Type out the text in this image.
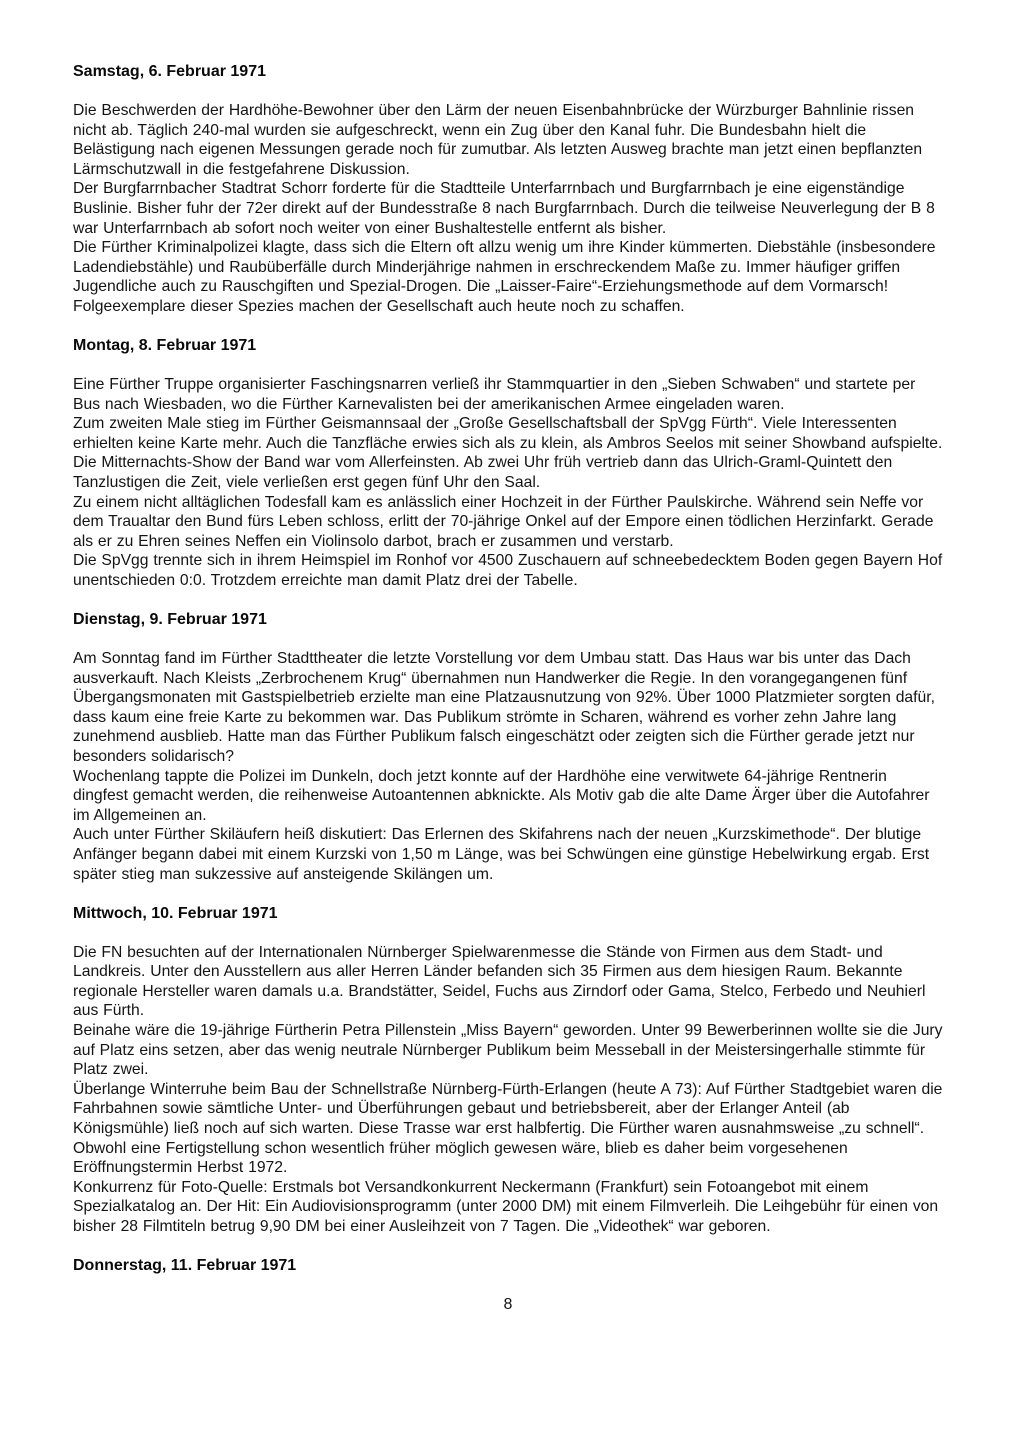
Samstag, 6. Februar 1971

Die Beschwerden der Hardhöhe-Bewohner über den Lärm der neuen Eisenbahnbrücke der Würzburger Bahnlinie rissen nicht ab. Täglich 240-mal wurden sie aufgeschreckt, wenn ein Zug über den Kanal fuhr. Die Bundesbahn hielt die Belästigung nach eigenen Messungen gerade noch für zumutbar. Als letzten Ausweg brachte man jetzt einen bepflanzten Lärmschutzwall in die festgefahrene Diskussion.

Der Burgfarrnbacher Stadtrat Schorr forderte für die Stadtteile Unterfarrnbach und Burgfarrnbach je eine eigenständige Buslinie. Bisher fuhr der 72er direkt auf der Bundesstraße 8 nach Burgfarrnbach. Durch die teilweise Neuverlegung der B 8 war Unterfarrnbach ab sofort noch weiter von einer Bushaltestelle entfernt als bisher.

Die Fürther Kriminalpolizei klagte, dass sich die Eltern oft allzu wenig um ihre Kinder kümmerten. Diebstähle (insbesondere Ladendiebstähle) und Raubüberfälle durch Minderjährige nahmen in erschreckendem Maße zu. Immer häufiger griffen Jugendliche auch zu Rauschgiften und Spezial-Drogen. Die „Laisser-Faire“-Erziehungsmethode auf dem Vormarsch! Folgeexemplare dieser Spezies machen der Gesellschaft auch heute noch zu schaffen.

Montag, 8. Februar 1971

Eine Fürther Truppe organisierter Faschingsnarren verließ ihr Stammquartier in den „Sieben Schwaben“ und startete per Bus nach Wiesbaden, wo die Fürther Karnevalisten bei der amerikanischen Armee eingeladen waren.

Zum zweiten Male stieg im Fürther Geismannsaal der „Große Gesellschaftsball der SpVgg Fürth“. Viele Interessenten erhielten keine Karte mehr. Auch die Tanzfläche erwies sich als zu klein, als Ambros Seelos mit seiner Showband aufspielte. Die Mitternachts-Show der Band war vom Allerfeinsten. Ab zwei Uhr früh vertrieb dann das Ulrich-Graml-Quintett den Tanzlustigen die Zeit, viele verließen erst gegen fünf Uhr den Saal.

Zu einem nicht alltäglichen Todesfall kam es anlässlich einer Hochzeit in der Fürther Paulskirche. Während sein Neffe vor dem Traualtar den Bund fürs Leben schloss, erlitt der 70-jährige Onkel auf der Empore einen tödlichen Herzinfarkt. Gerade als er zu Ehren seines Neffen ein Violinsolo darbot, brach er zusammen und verstarb.

Die SpVgg trennte sich in ihrem Heimspiel im Ronhof vor 4500 Zuschauern auf schneebedecktem Boden gegen Bayern Hof unentschieden 0:0. Trotzdem erreichte man damit Platz drei der Tabelle.

Dienstag, 9. Februar 1971

Am Sonntag fand im Fürther Stadttheater die letzte Vorstellung vor dem Umbau statt. Das Haus war bis unter das Dach ausverkauft. Nach Kleists „Zerbrochenem Krug“ übernahmen nun Handwerker die Regie. In den vorangegangenen fünf Übergangsmonaten mit Gastspielbetrieb erzielte man eine Platzausnutzung von 92%. Über 1000 Platzmieter sorgten dafür, dass kaum eine freie Karte zu bekommen war. Das Publikum strömte in Scharen, während es vorher zehn Jahre lang zunehmend ausblieb. Hatte man das Fürther Publikum falsch eingeschätzt oder zeigten sich die Fürther gerade jetzt nur besonders solidarisch?

Wochenlang tappte die Polizei im Dunkeln, doch jetzt konnte auf der Hardhöhe eine verwitwete 64-jährige Rentnerin dingfest gemacht werden, die reihenweise Autoantennen abknickte. Als Motiv gab die alte Dame Ärger über die Autofahrer im Allgemeinen an.

Auch unter Fürther Skiläufern heiß diskutiert: Das Erlernen des Skifahrens nach der neuen „Kurzskimethode“. Der blutige Anfänger begann dabei mit einem Kurzski von 1,50 m Länge, was bei Schwüngen eine günstige Hebelwirkung ergab. Erst später stieg man sukzessive auf ansteigende Skilängen um.

Mittwoch, 10. Februar 1971

Die FN besuchten auf der Internationalen Nürnberger Spielwarenmesse die Stände von Firmen aus dem Stadt- und Landkreis. Unter den Ausstellern aus aller Herren Länder befanden sich 35 Firmen aus dem hiesigen Raum. Bekannte regionale Hersteller waren damals u.a. Brandstätter, Seidel, Fuchs aus Zirndorf oder Gama, Stelco, Ferbedo und Neuhierl aus Fürth.

Beinahe wäre die 19-jährige Fürtherin Petra Pillenstein „Miss Bayern“ geworden. Unter 99 Bewerberinnen wollte sie die Jury auf Platz eins setzen, aber das wenig neutrale Nürnberger Publikum beim Messeball in der Meistersingerhalle stimmte für Platz zwei.

Überlange Winterruhe beim Bau der Schnellstraße Nürnberg-Fürth-Erlangen (heute A 73): Auf Fürther Stadtgebiet waren die Fahrbahnen sowie sämtliche Unter- und Überführungen gebaut und betriebsbereit, aber der Erlanger Anteil (ab Königsmühle) ließ noch auf sich warten. Diese Trasse war erst halbfertig. Die Fürther waren ausnahmsweise „zu schnell“. Obwohl eine Fertigstellung schon wesentlich früher möglich gewesen wäre, blieb es daher beim vorgesehenen Eröffnungstermin Herbst 1972.

Konkurrenz für Foto-Quelle: Erstmals bot Versandkonkurrent Neckermann (Frankfurt) sein Fotoangebot mit einem Spezialkatalog an. Der Hit: Ein Audiovisionsprogramm (unter 2000 DM) mit einem Filmverleih. Die Leihgebühr für einen von bisher 28 Filmtiteln betrug 9,90 DM bei einer Ausleihzeit von 7 Tagen. Die „Videothek“ war geboren.

Donnerstag, 11. Februar 1971
8
